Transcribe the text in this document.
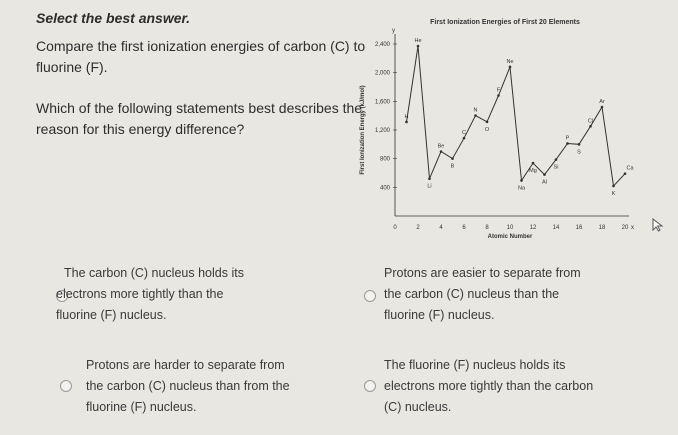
Select the best answer.
Compare the first ionization energies of carbon (C) to
fluorine (F).
Which of the following statements best describes the
reason for this energy difference?
First Ionization Energies of First 20 Elements
y
x
400
800
1,200
1,600
2,000
2,400
0	2	4	6	8	10	12	14	16	18	20
Atomic Number
First Ionization Energy (kJ/mol)	H
He
Li
Be
B
C
N
O
F
Ne
Na
Mg
Al
Si
P
S
Cl
Ar
K
Ca
The carbon (C) nucleus holds its
electrons more tightly than the
fluorine (F) nucleus.
Protons are easier to separate from
the carbon (C) nucleus than the
fluorine (F) nucleus.
Protons are harder to separate from
the carbon (C) nucleus than from the
fluorine (F) nucleus.
The fluorine (F) nucleus holds its
electrons more tightly than the carbon
(C) nucleus.
